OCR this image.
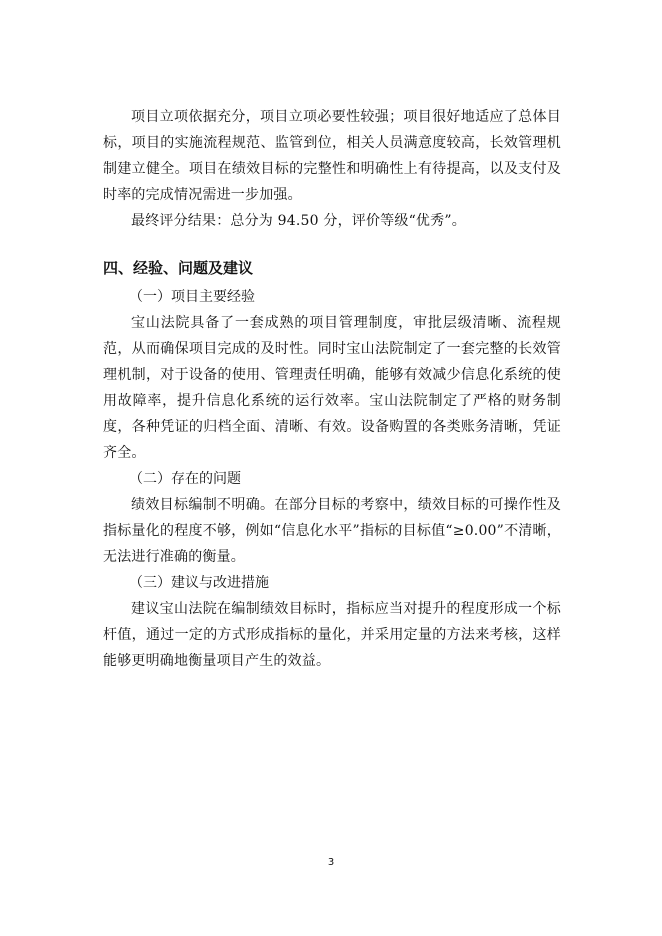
项目立项依据充分，项目立项必要性较强；项目很好地适应了总体目标，项目的实施流程规范、监管到位，相关人员满意度较高，长效管理机制建立健全。项目在绩效目标的完整性和明确性上有待提高，以及支付及时率的完成情况需进一步加强。

最终评分结果：总分为 94.50 分，评价等级“优秀”。

四、经验、问题及建议
（一）项目主要经验

宝山法院具备了一套成熟的项目管理制度，审批层级清晰、流程规范，从而确保项目完成的及时性。同时宝山法院制定了一套完整的长效管理机制，对于设备的使用、管理责任明确，能够有效减少信息化系统的使用故障率，提升信息化系统的运行效率。宝山法院制定了严格的财务制度，各种凭证的归档全面、清晰、有效。设备购置的各类账务清晰，凭证齐全。

（二）存在的问题

绩效目标编制不明确。在部分目标的考察中，绩效目标的可操作性及指标量化的程度不够，例如“信息化水平”指标的目标值“≥0.00”不清晰，无法进行准确的衡量。

（三）建议与改进措施

建议宝山法院在编制绩效目标时，指标应当对提升的程度形成一个标杆值，通过一定的方式形成指标的量化，并采用定量的方法来考核，这样能够更明确地衡量项目产生的效益。

3
